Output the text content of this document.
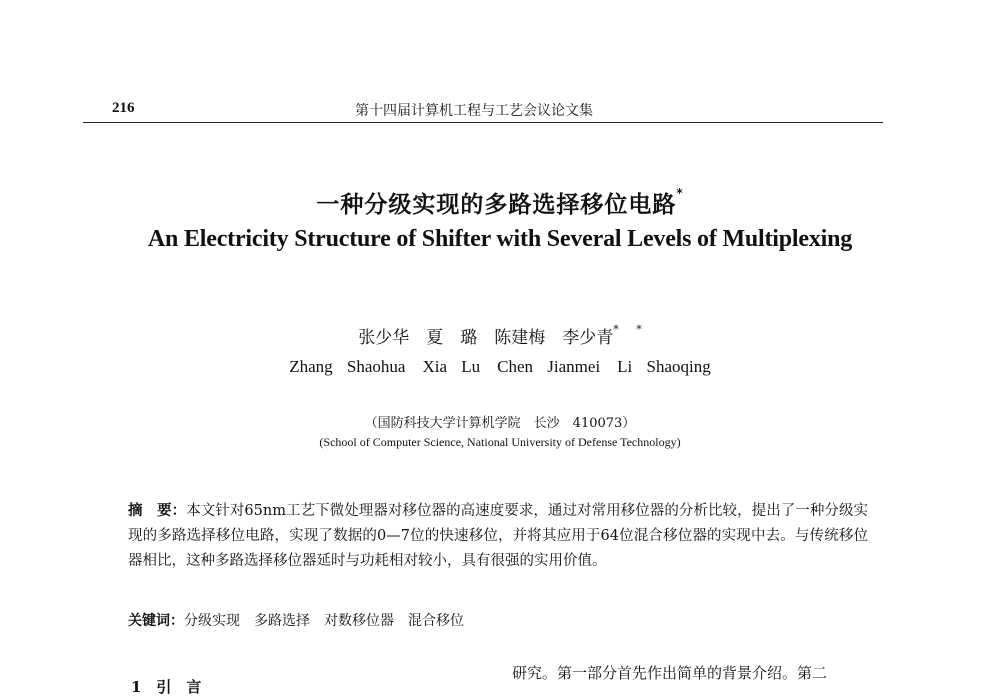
216	第十四届计算机工程与工艺会议论文集
一种分级实现的多路选择移位电路*
An Electricity Structure of Shifter with Several Levels of Multiplexing
张少华　夏　璐　陈建梅　李少青* *
Zhang Shaohua　Xia Lu　Chen Jianmei　Li Shaoqing
（国防科技大学计算机学院　长沙　410073）
(School of Computer Science, National University of Defense Technology)
摘　要：本文针对65nm工艺下微处理器对移位器的高速度要求，通过对常用移位器的分析比较，提出了一种分级实现的多路选择移位电路，实现了数据的0—7位的快速移位，并将其应用于64位混合移位器的实现中去。与传统移位器相比，这种多路选择移位器延时与功耗相对较小，具有很强的实用价值。
关键词：分级实现 多路选择 对数移位器 混合移位
1　引　言
研究。第一部分首先作出简单的背景介绍。第二
